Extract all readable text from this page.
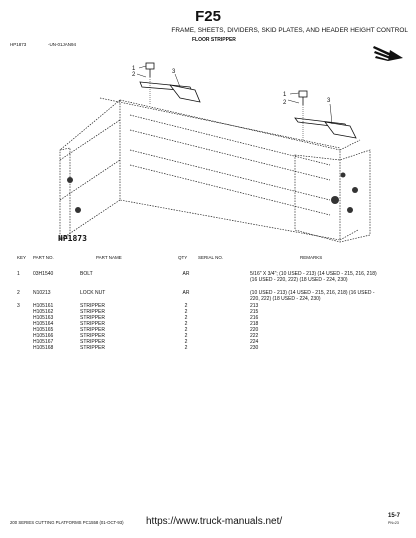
F25
FRAME, SHEETS, DIVIDERS, SKID PLATES, AND HEADER HEIGHT CONTROL
FLOOR STRIPPER
HP1873	-UN-01JAN94
1
2	3
1
2	3
HP1873
KEY PART NO.	PART NAME	QTY SERIAL NO.	REMARKS
1	03H1540	BOLT	AR	5/16" X 3/4"; (10 USED - 213) (14 USED - 215, 216, 218) (16 USED - 220, 222) (18 USED - 224, 230)
2	N10213	LOCK NUT	AR	(10 USED - 213) (14 USED - 215, 216, 218) (16 USED - 220, 222) (18 USED - 224, 230)
3	H105161	STRIPPER	2	213
H105162	STRIPPER	2	215
H105163	STRIPPER	2	216
H105164	STRIPPER	2	218
H105165	STRIPPER	2	220
H105166	STRIPPER	2	222
H105167	STRIPPER	2	224
H105168	STRIPPER	2	230
200 SERIES CUTTING PLATFORMS PC1558 (01-OCT-93) https://www.truck-manuals.net/	15-7
PN=23
